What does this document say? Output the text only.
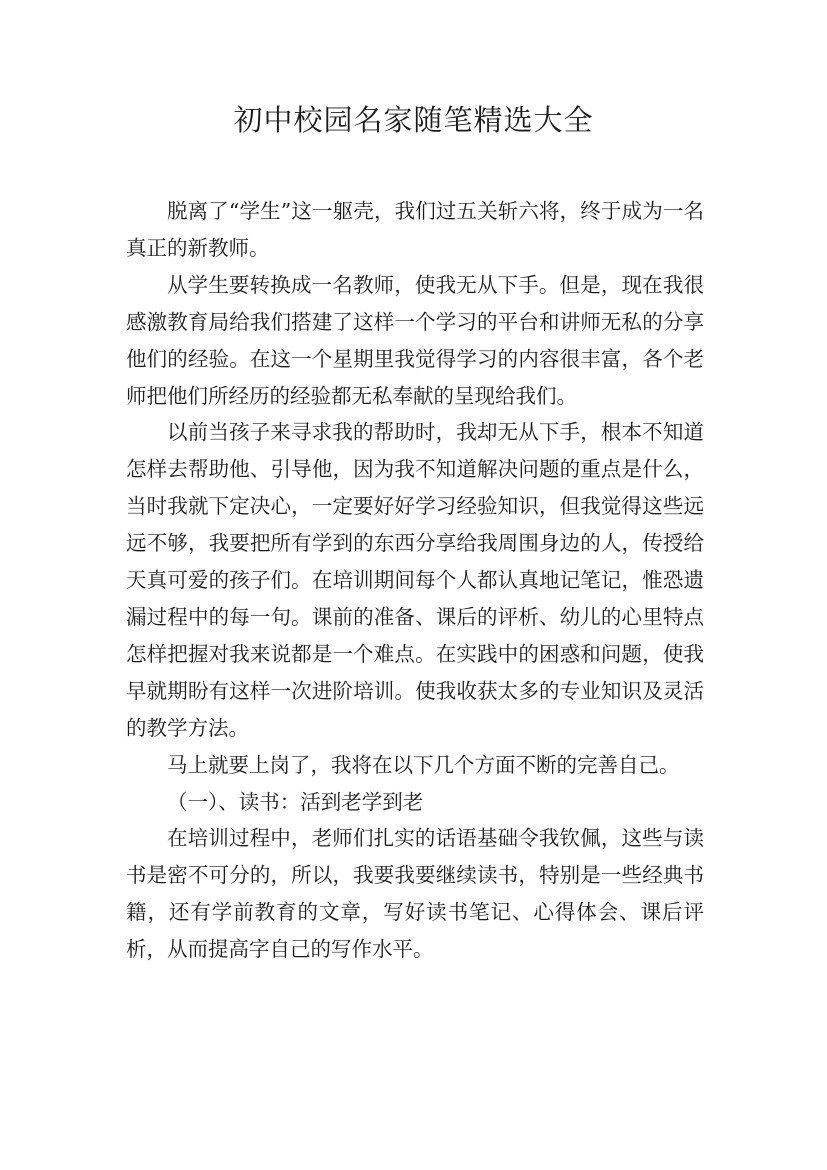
初中校园名家随笔精选大全

脱离了“学生”这一躯壳，我们过五关斩六将，终于成为一名真正的新教师。

从学生要转换成一名教师，使我无从下手。但是，现在我很感激教育局给我们搭建了这样一个学习的平台和讲师无私的分享他们的经验。在这一个星期里我觉得学习的内容很丰富，各个老师把他们所经历的经验都无私奉献的呈现给我们。

以前当孩子来寻求我的帮助时，我却无从下手，根本不知道怎样去帮助他、引导他，因为我不知道解决问题的重点是什么，当时我就下定决心，一定要好好学习经验知识，但我觉得这些远远不够，我要把所有学到的东西分享给我周围身边的人，传授给天真可爱的孩子们。在培训期间每个人都认真地记笔记，惟恐遗漏过程中的每一句。课前的准备、课后的评析、幼儿的心里特点怎样把握对我来说都是一个难点。在实践中的困惑和问题，使我早就期盼有这样一次进阶培训。使我收获太多的专业知识及灵活的教学方法。

马上就要上岗了，我将在以下几个方面不断的完善自己。

（一）、读书：活到老学到老

在培训过程中，老师们扎实的话语基础令我钦佩，这些与读书是密不可分的，所以，我要我要继续读书，特别是一些经典书籍，还有学前教育的文章，写好读书笔记、心得体会、课后评析，从而提高字自己的写作水平。
